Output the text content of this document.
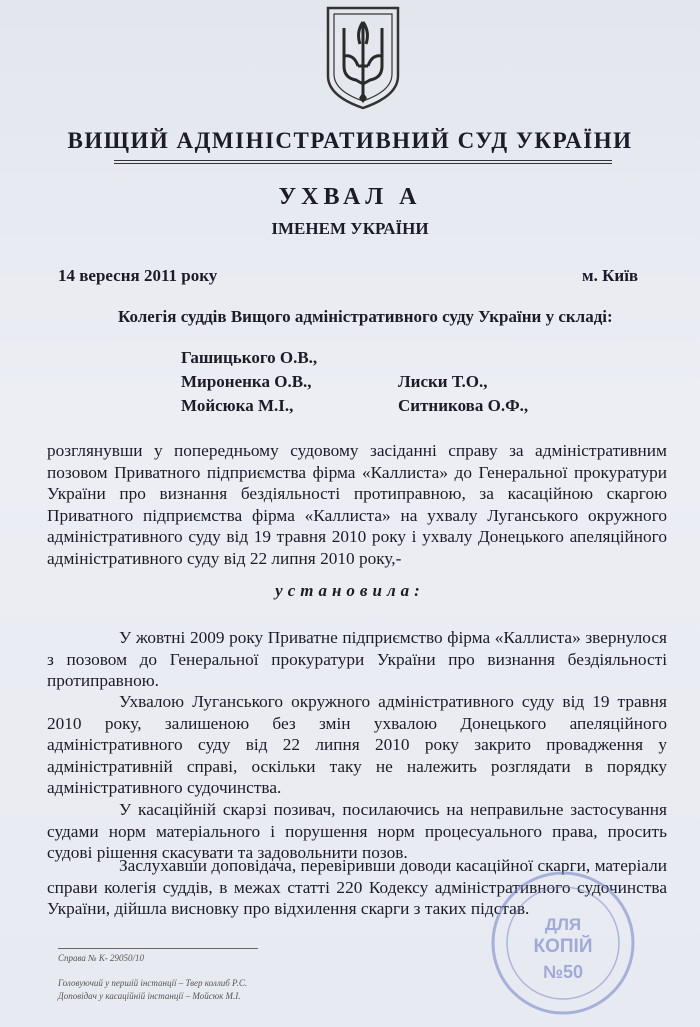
ВИЩИЙ АДМІНІСТРАТИВНИЙ СУД УКРАЇНИ
УХВАЛ А
ІМЕНЕМ УКРАЇНИ
14 вересня 2011 року	м. Київ
Колегія суддів Вищого адміністративного суду України у складі:
Гашицького О.В.,
Мироненка О.В.,	Лиски Т.О.,
Мойсюка М.І.,	Ситникова О.Ф.,
розглянувши у попередньому судовому засіданні справу за адміністративним позовом Приватного підприємства фірма «Каллиста» до Генеральної прокуратури України про визнання бездіяльності протиправною, за касаційною скаргою Приватного підприємства фірма «Каллиста» на ухвалу Луганського окружного адміністративного суду від 19 травня 2010 року і ухвалу Донецького апеляційного адміністративного суду від 22 липня 2010 року,-
установила:
У жовтні 2009 року Приватне підприємство фірма «Каллиста» звернулося з позовом до Генеральної прокуратури України про визнання бездіяльності протиправною.
Ухвалою Луганського окружного адміністративного суду від 19 травня 2010 року, залишеною без змін ухвалою Донецького апеляційного адміністративного суду від 22 липня 2010 року закрито провадження у адміністративній справі, оскільки таку не належить розглядати в порядку адміністративного судочинства.
У касаційній скарзі позивач, посилаючись на неправильне застосування судами норм матеріального і порушення норм процесуального права, просить судові рішення скасувати та задовольнити позов.
Заслухавши доповідача, перевіривши доводи касаційної скарги, матеріали справи колегія суддів, в межах статті 220 Кодексу адміністративного судочинства України, дійшла висновку про відхилення скарги з таких підстав.
Справа № К- 29050/10
Головуючий у першій інстанції – Твер коллиб Р.С.
Доповідач у касаційній інстанції – Мойсюк М.І.
ДЛЯ
КОПІЙ
№50
